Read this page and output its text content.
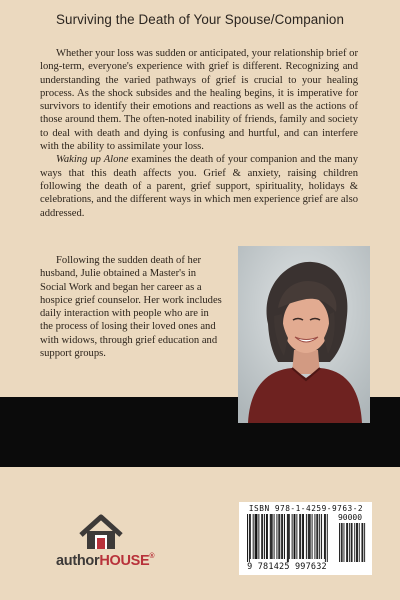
Surviving the Death of Your Spouse/Companion

Whether your loss was sudden or anticipated, your relationship brief or long-term, everyone's experience with grief is different. Recognizing and understanding the varied pathways of grief is crucial to your healing process. As the shock subsides and the healing begins, it is imperative for survivors to identify their emotions and reactions as well as the actions of those around them. The often-noted inability of friends, family and society to deal with death and dying is confusing and hurtful, and can interfere with the ability to assimilate your loss.

Waking up Alone examines the death of your companion and the many ways that this death affects you. Grief & anxiety, raising children following the death of a parent, grief support, spirituality, holidays & celebrations, and the different ways in which men experience grief are also addressed.

Following the sudden death of her husband, Julie obtained a Master's in Social Work and began her career as a hospice grief counselor. Her work includes daily interaction with people who are in the process of losing their loved ones and with widows, through grief education and support groups.

authorHOUSE®
ISBN 978-1-4259-9763-2
90000
9 781425 997632
